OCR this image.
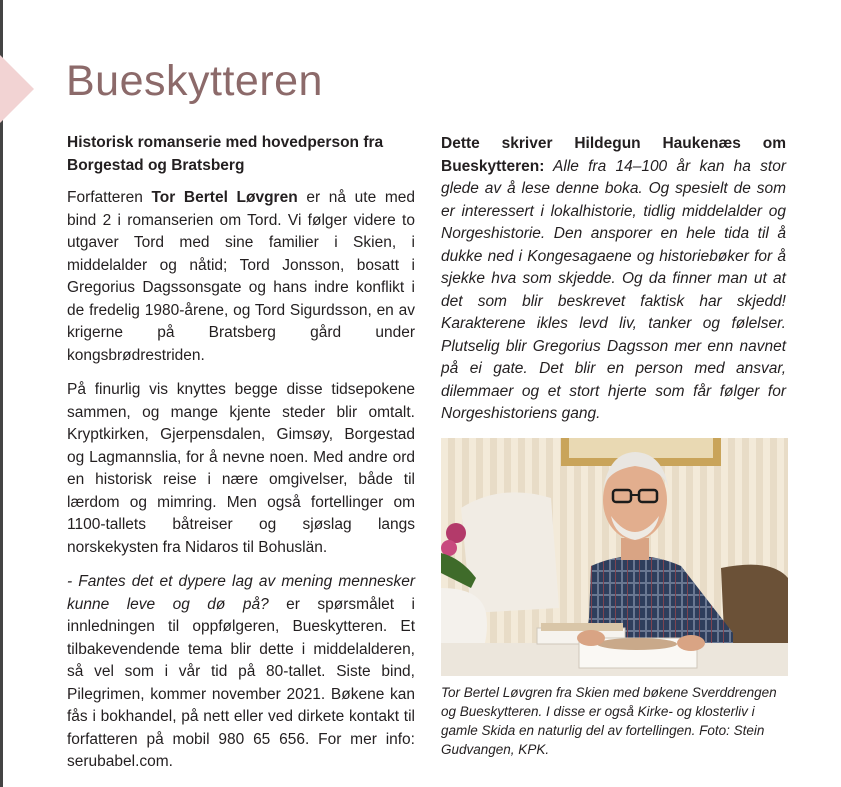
Bueskytteren

Historisk romanserie med hovedperson fra Borgestad og Bratsberg

Forfatteren Tor Bertel Løvgren er nå ute med bind 2 i romanserien om Tord. Vi følger videre to utgaver Tord med sine familier i Skien, i middelalder og nåtid; Tord Jonsson, bosatt i Gregorius Dagssonsgate og hans indre konflikt i de fredelig 1980-årene, og Tord Sigurdsson, en av krigerne på Bratsberg gård under kongsbrødrestriden.

På finurlig vis knyttes begge disse tidsepokene sammen, og mange kjente steder blir omtalt. Kryptkirken, Gjerpensdalen, Gimsøy, Borgestad og Lagmannslia, for å nevne noen. Med andre ord en historisk reise i nære omgivelser, både til lærdom og mimring. Men også fortellinger om 1100-tallets båtreiser og sjøslag langs norskekysten fra Nidaros til Bohuslän.

- Fantes det et dypere lag av mening mennesker kunne leve og dø på? er spørsmålet i innledningen til oppfølgeren, Bueskytteren. Et tilbakevendende tema blir dette i middelalderen, så vel som i vår tid på 80-tallet. Siste bind, Pilegrimen, kommer november 2021. Bøkene kan fås i bokhandel, på nett eller ved dirkete kontakt til forfatteren på mobil 980 65 656. For mer info: serubabel.com.

Dette skriver Hildegun Haukenæs om Bueskytteren: Alle fra 14–100 år kan ha stor glede av å lese denne boka. Og spesielt de som er interessert i lokalhistorie, tidlig middelalder og Norgeshistorie. Den ansporer en hele tida til å dukke ned i Kongesagaene og historiebøker for å sjekke hva som skjedde. Og da finner man ut at det som blir beskrevet faktisk har skjedd! Karakterene ikles levd liv, tanker og følelser. Plutselig blir Gregorius Dagsson mer enn navnet på ei gate. Det blir en person med ansvar, dilemmaer og et stort hjerte som får følger for Norgeshistoriens gang.

Tor Bertel Løvgren fra Skien med bøkene Sverddrengen og Bueskytteren. I disse er også Kirke- og klosterliv i gamle Skida en naturlig del av fortellingen. Foto: Stein Gudvangen, KPK.
